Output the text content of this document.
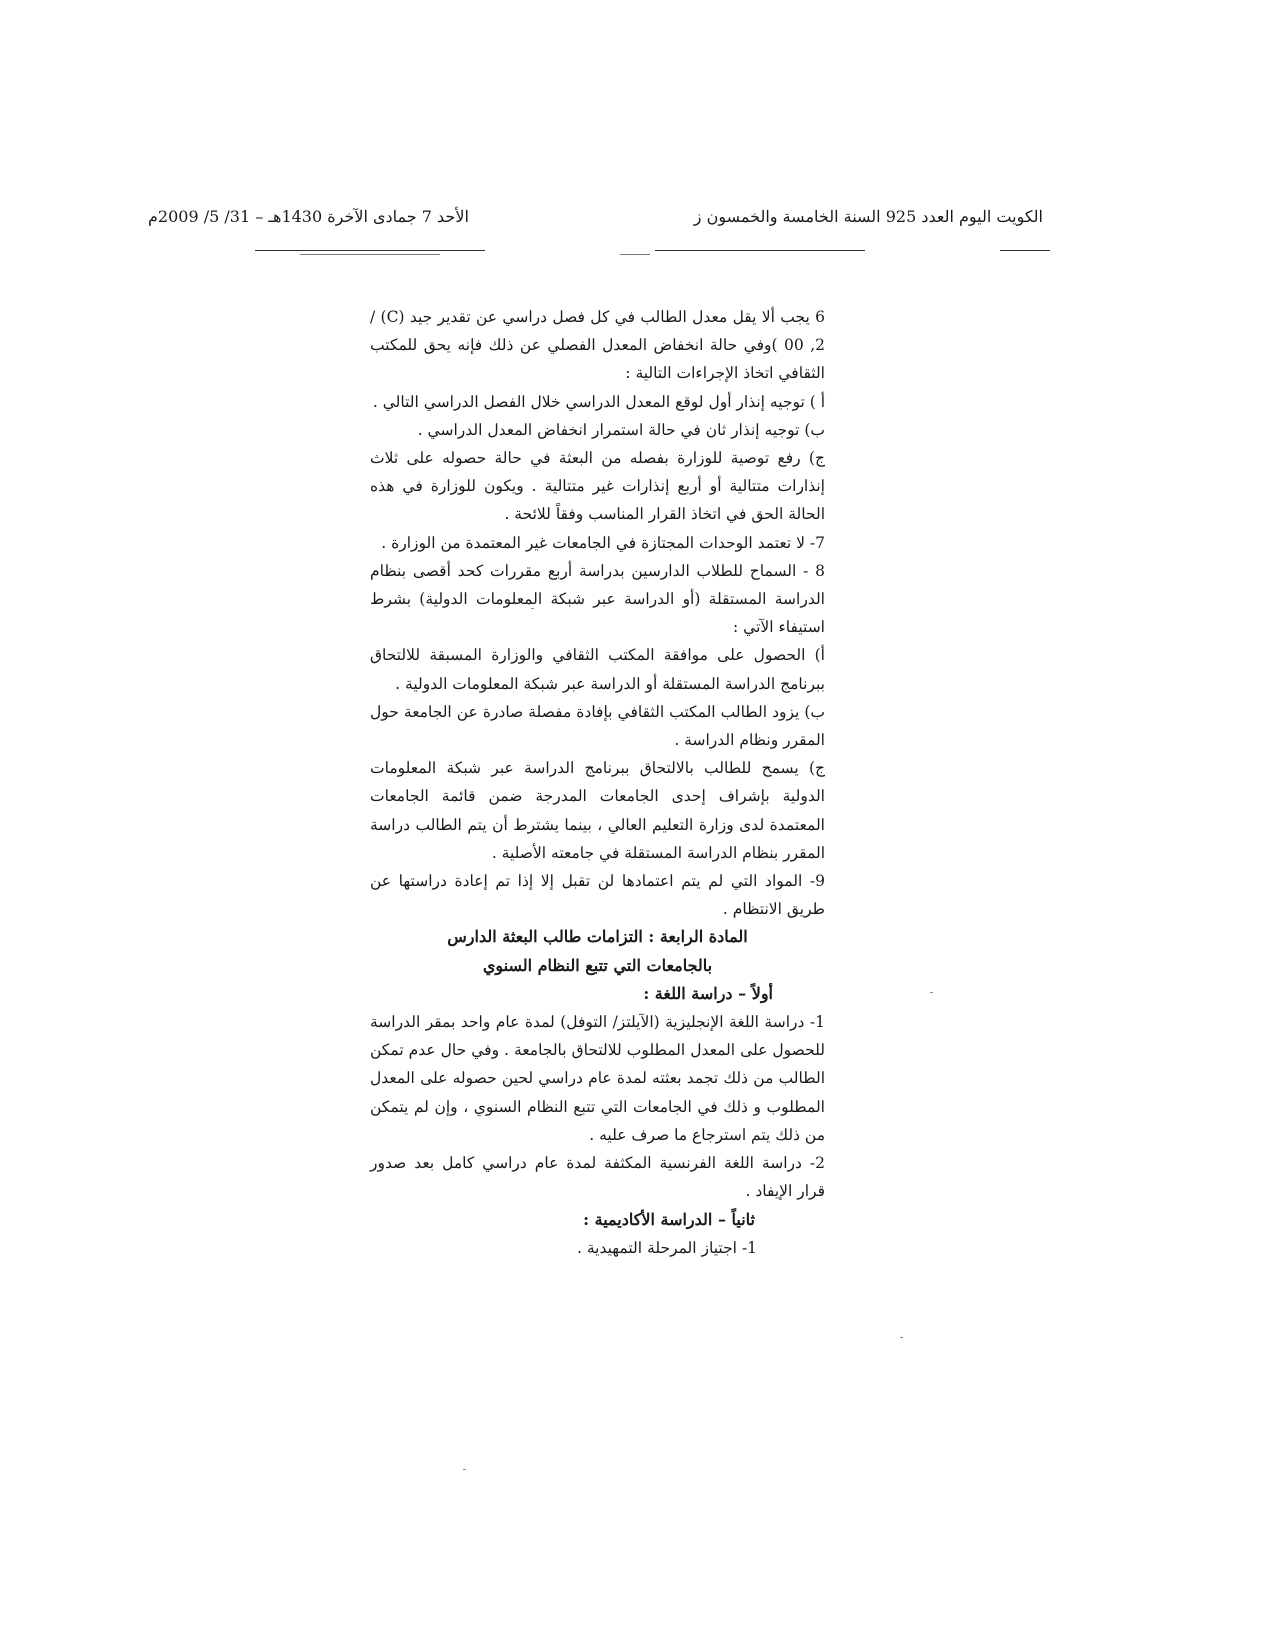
الكويت اليوم العدد 925 السنة الخامسة والخمسون ز
الأحد 7 جمادى الآخرة 1430هـ – 31/ 5/ 2009م

6 يجب ألا يقل معدل الطالب في كل فصل دراسي عن تقدير جيد (C) / 00 ,2 )وفي حالة انخفاض المعدل الفصلي عن ذلك فإنه يحق للمكتب الثقافي اتخاذ الإجراءات التالية :

أ ) توجيه إنذار أول لوقع المعدل الدراسي خلال الفصل الدراسي التالي .

ب) توجيه إنذار ثان في حالة استمرار انخفاض المعدل الدراسي .

ج) رفع توصية للوزارة بفصله من البعثة في حالة حصوله على ثلاث إنذارات متتالية أو أربع إنذارات غير متتالية . ويكون للوزارة في هذه الحالة الحق في اتخاذ القرار المناسب وفقاً للائحة .

7- لا تعتمد الوحدات المجتازة في الجامعات غير المعتمدة من الوزارة .

8 - السماح للطلاب الدارسين بدراسة أربع مقررات كحد أقصى بنظام الدراسة المستقلة (أو الدراسة عبر شبكة المعلومات الدولية) بشرط استيفاء الآتي :

أ) الحصول على موافقة المكتب الثقافي والوزارة المسبقة للالتحاق ببرنامج الدراسة المستقلة أو الدراسة عبر شبكة المعلومات الدولية .

ب) يزود الطالب المكتب الثقافي بإفادة مفصلة صادرة عن الجامعة حول المقرر ونظام الدراسة .

ج) يسمح للطالب بالالتحاق ببرنامج الدراسة عبر شبكة المعلومات الدولية بإشراف إحدى الجامعات المدرجة ضمن قائمة الجامعات المعتمدة لدى وزارة التعليم العالي ، بينما يشترط أن يتم الطالب دراسة المقرر بنظام الدراسة المستقلة في جامعته الأصلية .

9- المواد التي لم يتم اعتمادها لن تقبل إلا إذا تم إعادة دراستها عن طريق الانتظام .

المادة الرابعة : التزامات طالب البعثة الدارس

بالجامعات التي تتبع النظام السنوي

أولاً – دراسة اللغة :

1- دراسة اللغة الإنجليزية (الآيلتز/ التوفل) لمدة عام واحد بمقر الدراسة للحصول على المعدل المطلوب للالتحاق بالجامعة . وفي حال عدم تمكن الطالب من ذلك تجمد بعثته لمدة عام دراسي لحين حصوله على المعدل المطلوب و ذلك في الجامعات التي تتبع النظام السنوي ، وإن لم يتمكن من ذلك يتم استرجاع ما صرف عليه .

2- دراسة اللغة الفرنسية المكثفة لمدة عام دراسي كامل بعد صدور قرار الإيفاد .

ثانياً – الدراسة الأكاديمية :

1- اجتياز المرحلة التمهيدية .
